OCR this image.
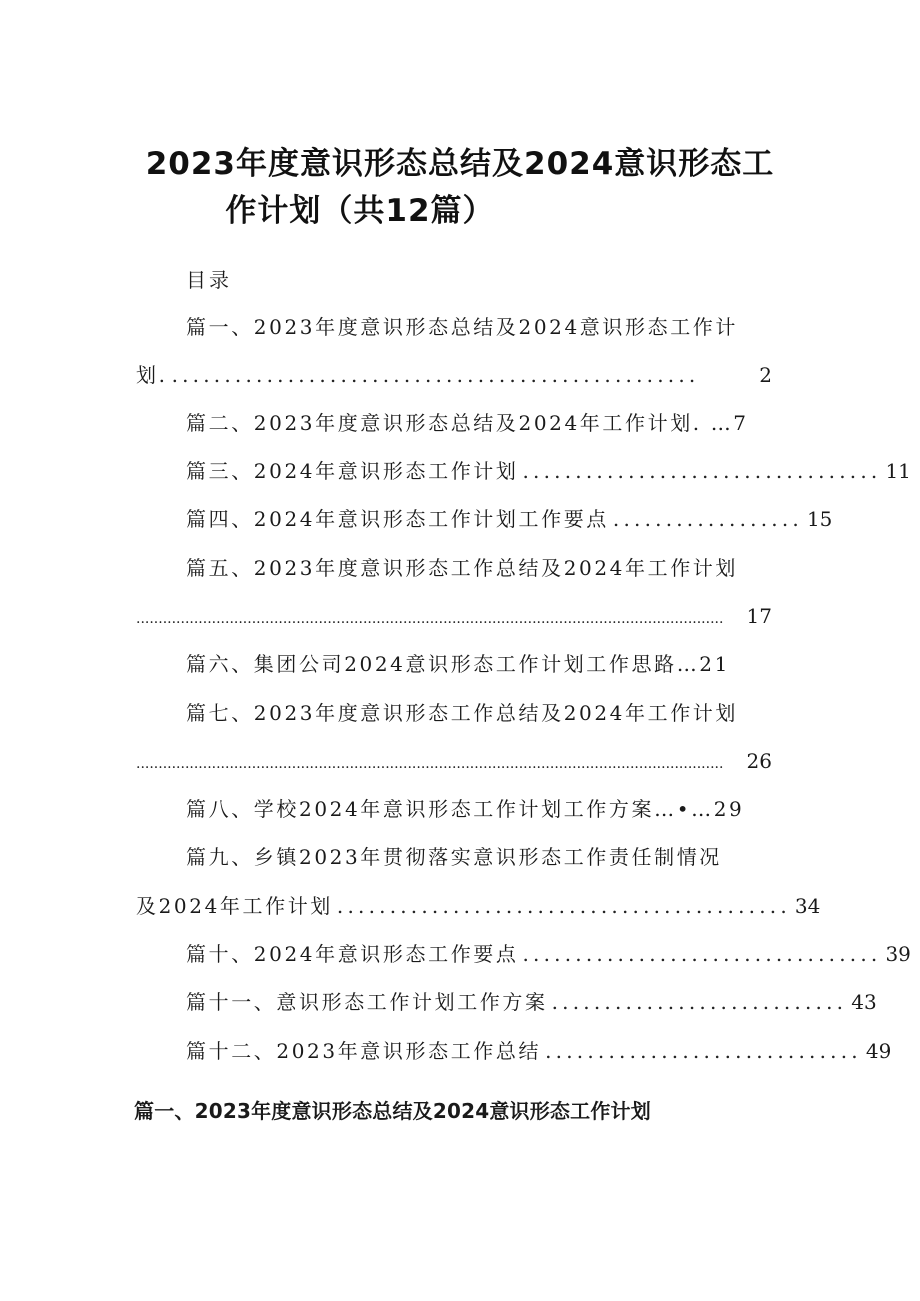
2023年度意识形态总结及2024意识形态工
作计划（共12篇）
目录
篇一、2023年度意识形态总结及2024意识形态工作计
划. ..................................................	2
篇二、2023年度意识形态总结及2024年工作计划. …7
篇三、2024年意识形态工作计划 .................................. 11
篇四、2024年意识形态工作计划工作要点 .................. 15
篇五、2023年度意识形态工作总结及2024年工作计划
....................................................................................................................................	17
篇六、集团公司2024意识形态工作计划工作思路…21
篇七、2023年度意识形态工作总结及2024年工作计划
....................................................................................................................................	26
篇八、学校2024年意识形态工作计划工作方案…•…29
篇九、乡镇2023年贯彻落实意识形态工作责任制情况
及2024年工作计划 ........................................... 34
篇十、2024年意识形态工作要点 .................................. 39
篇十一、意识形态工作计划工作方案 ............................ 43
篇十二、2023年意识形态工作总结 .............................. 49
篇一、2023年度意识形态总结及2024意识形态工作计划
